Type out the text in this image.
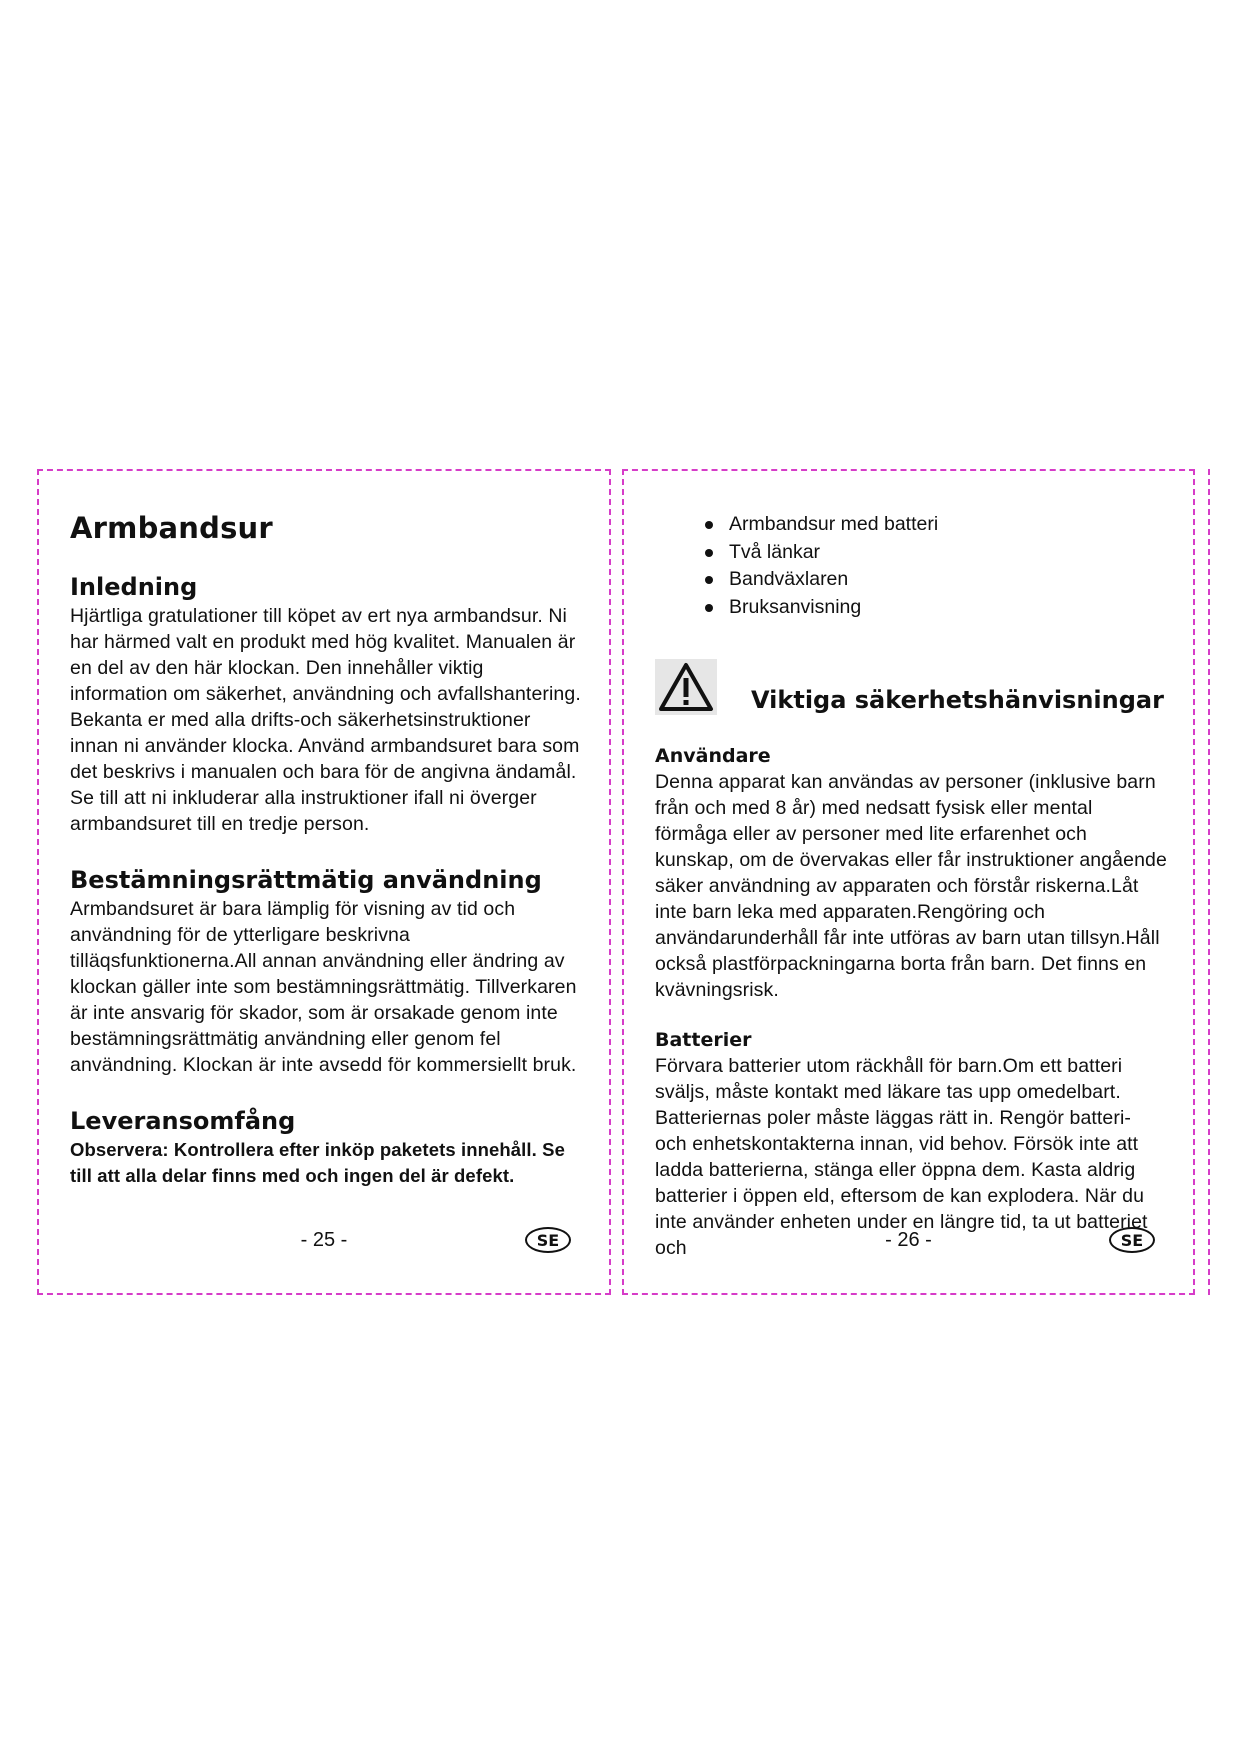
Armbandsur
Inledning

Hjärtliga gratulationer till köpet av ert nya armbandsur. Ni har härmed valt en produkt med hög kvalitet. Manualen är en del av den här klockan. Den innehåller viktig information om säkerhet, användning och avfallshantering. Bekanta er med alla drifts-och säkerhetsinstruktioner innan ni använder klocka. Använd armbandsuret bara som det beskrivs i manualen och bara för de angivna ändamål.

Se till att ni inkluderar alla instruktioner ifall ni överger armbandsuret till en tredje person.

Bestämningsrättmätig användning

Armbandsuret är bara lämplig för visning av tid och användning för de ytterligare beskrivna tilläqsfunktionerna.All annan användning eller ändring av klockan gäller inte som bestämningsrättmätig. Tillverkaren är inte ansvarig för skador, som är orsakade genom inte bestämningsrättmätig användning eller genom fel användning. Klockan är inte avsedd för kommersiellt bruk.

Leveransomfång

Observera: Kontrollera efter inköp paketets innehåll. Se till att alla delar finns med och ingen del är defekt.

- 25 -	SE
Armbandsur med batteri
Två länkar
Bandväxlaren
Bruksanvisning
Viktiga säkerhetshänvisningar
Användare

Denna apparat kan användas av personer (inklusive barn från och med 8 år) med nedsatt fysisk eller mental förmåga eller av personer med lite erfarenhet och kunskap, om de övervakas eller får instruktioner angående säker användning av apparaten och förstår riskerna.Låt inte barn leka med apparaten.Rengöring och användarunderhåll får inte utföras av barn utan tillsyn.Håll också plastförpackningarna borta från barn. Det finns en kvävningsrisk.

Batterier

Förvara batterier utom räckhåll för barn.Om ett batteri sväljs, måste kontakt med läkare tas upp omedelbart. Batteriernas poler måste läggas rätt in. Rengör batteri- och enhetskontakterna innan, vid behov. Försök inte att ladda batterierna, stänga eller öppna dem. Kasta aldrig batterier i öppen eld, eftersom de kan explodera. När du inte använder enheten under en längre tid, ta ut batteriet och	- 26 -	SE
